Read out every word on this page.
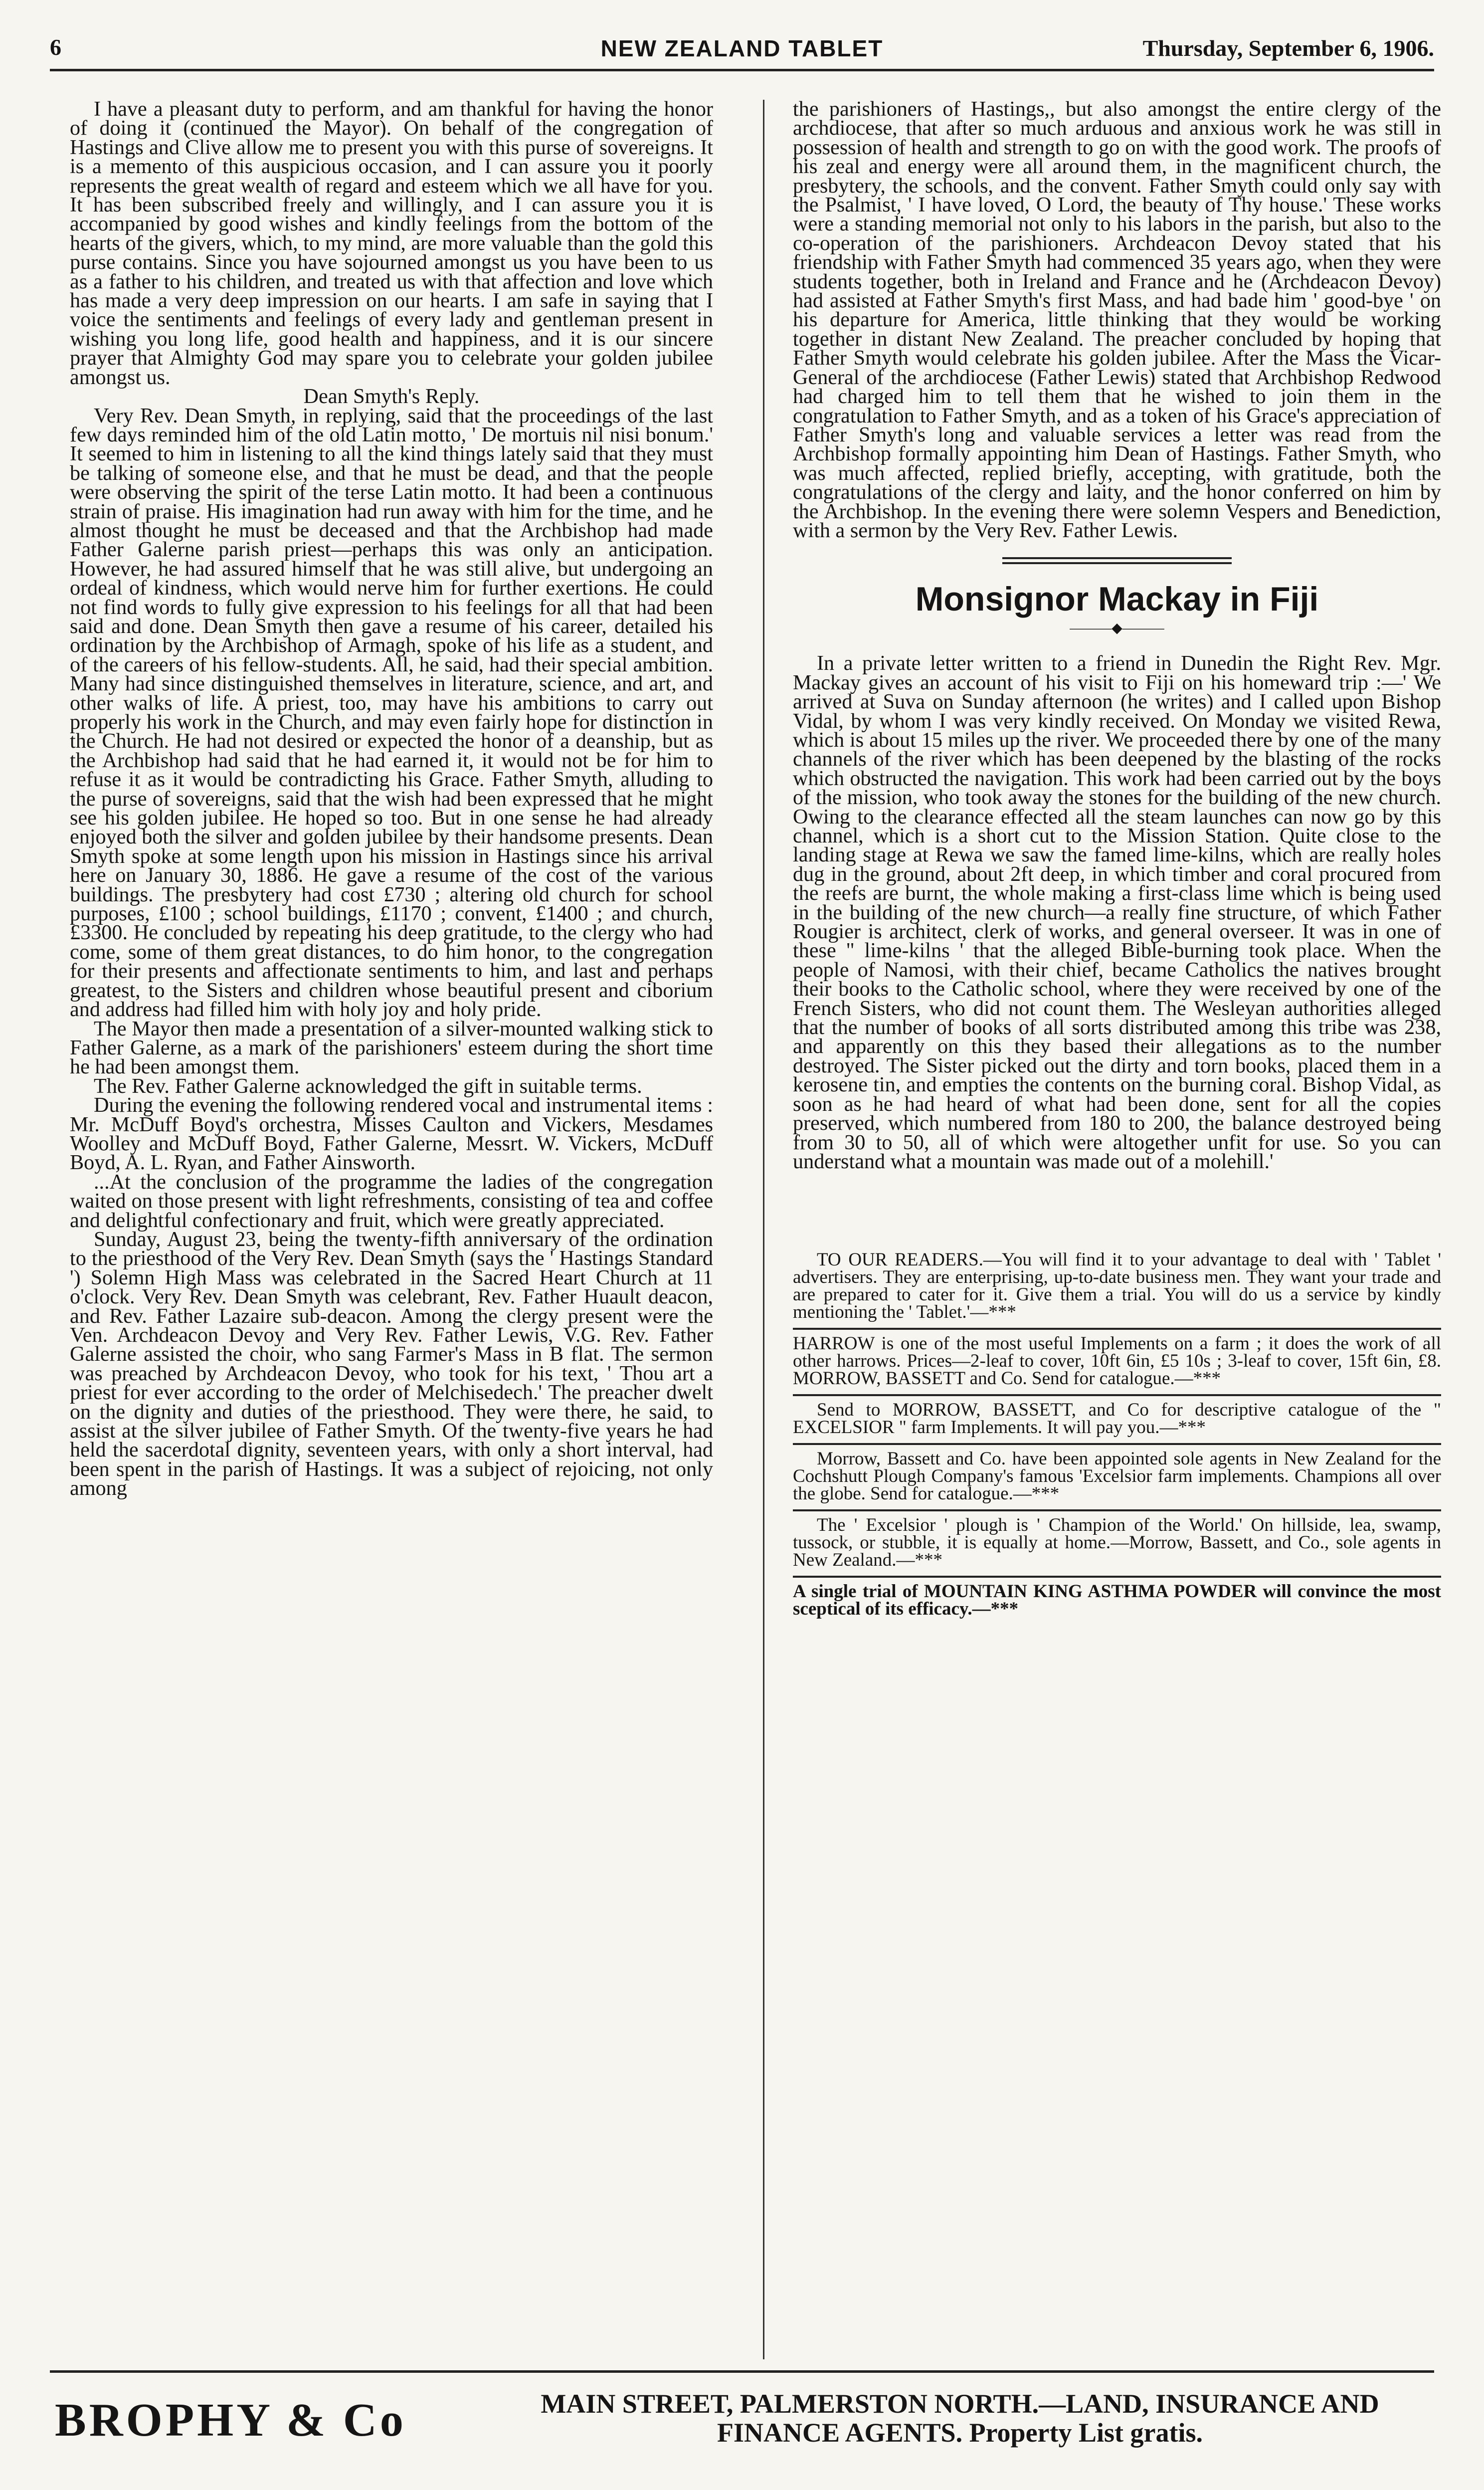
6	NEW ZEALAND TABLET	Thursday, September 6, 1906.

I have a pleasant duty to perform, and am thankful for having the honor of doing it (continued the Mayor). On behalf of the congregation of Hastings and Clive allow me to present you with this purse of sovereigns. It is a memento of this auspicious occasion, and I can assure you it poorly represents the great wealth of regard and esteem which we all have for you. It has been subscribed freely and willingly, and I can assure you it is accompanied by good wishes and kindly feelings from the bottom of the hearts of the givers, which, to my mind, are more valuable than the gold this purse contains. Since you have sojourned amongst us you have been to us as a father to his children, and treated us with that affection and love which has made a very deep impression on our hearts. I am safe in saying that I voice the sentiments and feelings of every lady and gentleman present in wishing you long life, good health and happiness, and it is our sincere prayer that Almighty God may spare you to celebrate your golden jubilee amongst us.

Dean Smyth's Reply.

Very Rev. Dean Smyth, in replying, said that the proceedings of the last few days reminded him of the old Latin motto, ' De mortuis nil nisi bonum.' It seemed to him in listening to all the kind things lately said that they must be talking of someone else, and that he must be dead, and that the people were observing the spirit of the terse Latin motto. It had been a continuous strain of praise. His imagination had run away with him for the time, and he almost thought he must be deceased and that the Archbishop had made Father Galerne parish priest—perhaps this was only an anticipation. However, he had assured himself that he was still alive, but undergoing an ordeal of kindness, which would nerve him for further exertions. He could not find words to fully give expression to his feelings for all that had been said and done. Dean Smyth then gave a resume of his career, detailed his ordination by the Archbishop of Armagh, spoke of his life as a student, and of the careers of his fellow-students. All, he said, had their special ambition. Many had since distinguished themselves in literature, science, and art, and other walks of life. A priest, too, may have his ambitions to carry out properly his work in the Church, and may even fairly hope for distinction in the Church. He had not desired or expected the honor of a deanship, but as the Archbishop had said that he had earned it, it would not be for him to refuse it as it would be contradicting his Grace. Father Smyth, alluding to the purse of sovereigns, said that the wish had been expressed that he might see his golden jubilee. He hoped so too. But in one sense he had already enjoyed both the silver and golden jubilee by their handsome presents. Dean Smyth spoke at some length upon his mission in Hastings since his arrival here on January 30, 1886. He gave a resume of the cost of the various buildings. The presbytery had cost £730 ; altering old church for school purposes, £100 ; school buildings, £1170 ; convent, £1400 ; and church, £3300. He concluded by repeating his deep gratitude, to the clergy who had come, some of them great distances, to do him honor, to the congregation for their presents and affectionate sentiments to him, and last and perhaps greatest, to the Sisters and children whose beautiful present and ciborium and address had filled him with holy joy and holy pride.

The Mayor then made a presentation of a silver-mounted walking stick to Father Galerne, as a mark of the parishioners' esteem during the short time he had been amongst them.

The Rev. Father Galerne acknowledged the gift in suitable terms.

During the evening the following rendered vocal and instrumental items : Mr. McDuff Boyd's orchestra, Misses Caulton and Vickers, Mesdames Woolley and McDuff Boyd, Father Galerne, Messrt. W. Vickers, McDuff Boyd, A. L. Ryan, and Father Ainsworth.

...At the conclusion of the programme the ladies of the congregation waited on those present with light refreshments, consisting of tea and coffee and delightful confectionary and fruit, which were greatly appreciated.

Sunday, August 23, being the twenty-fifth anniversary of the ordination to the priesthood of the Very Rev. Dean Smyth (says the ' Hastings Standard ') Solemn High Mass was celebrated in the Sacred Heart Church at 11 o'clock. Very Rev. Dean Smyth was celebrant, Rev. Father Huault deacon, and Rev. Father Lazaire sub-deacon. Among the clergy present were the Ven. Archdeacon Devoy and Very Rev. Father Lewis, V.G. Rev. Father Galerne assisted the choir, who sang Farmer's Mass in B flat. The sermon was preached by Archdeacon Devoy, who took for his text, ' Thou art a priest for ever according to the order of Melchisedech.' The preacher dwelt on the dignity and duties of the priesthood. They were there, he said, to assist at the silver jubilee of Father Smyth. Of the twenty-five years he had held the sacerdotal dignity, seventeen years, with only a short interval, had been spent in the parish of Hastings. It was a subject of rejoicing, not only among

the parishioners of Hastings,, but also amongst the entire clergy of the archdiocese, that after so much arduous and anxious work he was still in possession of health and strength to go on with the good work. The proofs of his zeal and energy were all around them, in the magnificent church, the presbytery, the schools, and the convent. Father Smyth could only say with the Psalmist, ' I have loved, O Lord, the beauty of Thy house.' These works were a standing memorial not only to his labors in the parish, but also to the co-operation of the parishioners. Archdeacon Devoy stated that his friendship with Father Smyth had commenced 35 years ago, when they were students together, both in Ireland and France and he (Archdeacon Devoy) had assisted at Father Smyth's first Mass, and had bade him ' good-bye ' on his departure for America, little thinking that they would be working together in distant New Zealand. The preacher concluded by hoping that Father Smyth would celebrate his golden jubilee. After the Mass the Vicar-General of the archdiocese (Father Lewis) stated that Archbishop Redwood had charged him to tell them that he wished to join them in the congratulation to Father Smyth, and as a token of his Grace's appreciation of Father Smyth's long and valuable services a letter was read from the Archbishop formally appointing him Dean of Hastings. Father Smyth, who was much affected, replied briefly, accepting, with gratitude, both the congratulations of the clergy and laity, and the honor conferred on him by the Archbishop. In the evening there were solemn Vespers and Benediction, with a sermon by the Very Rev. Father Lewis.

Monsignor Mackay in Fiji
———◆———

In a private letter written to a friend in Dunedin the Right Rev. Mgr. Mackay gives an account of his visit to Fiji on his homeward trip :—' We arrived at Suva on Sunday afternoon (he writes) and I called upon Bishop Vidal, by whom I was very kindly received. On Monday we visited Rewa, which is about 15 miles up the river. We proceeded there by one of the many channels of the river which has been deepened by the blasting of the rocks which obstructed the navigation. This work had been carried out by the boys of the mission, who took away the stones for the building of the new church. Owing to the clearance effected all the steam launches can now go by this channel, which is a short cut to the Mission Station. Quite close to the landing stage at Rewa we saw the famed lime-kilns, which are really holes dug in the ground, about 2ft deep, in which timber and coral procured from the reefs are burnt, the whole making a first-class lime which is being used in the building of the new church—a really fine structure, of which Father Rougier is architect, clerk of works, and general overseer. It was in one of these " lime-kilns ' that the alleged Bible-burning took place. When the people of Namosi, with their chief, became Catholics the natives brought their books to the Catholic school, where they were received by one of the French Sisters, who did not count them. The Wesleyan authorities alleged that the number of books of all sorts distributed among this tribe was 238, and apparently on this they based their allegations as to the number destroyed. The Sister picked out the dirty and torn books, placed them in a kerosene tin, and empties the contents on the burning coral. Bishop Vidal, as soon as he had heard of what had been done, sent for all the copies preserved, which numbered from 180 to 200, the balance destroyed being from 30 to 50, all of which were altogether unfit for use. So you can understand what a mountain was made out of a molehill.'

TO OUR READERS.—You will find it to your advantage to deal with ' Tablet ' advertisers. They are enterprising, up-to-date business men. They want your trade and are prepared to cater for it. Give them a trial. You will do us a service by kindly mentioning the ' Tablet.'—***

HARROW is one of the most useful Implements on a farm ; it does the work of all other harrows. Prices—2-leaf to cover, 10ft 6in, £5 10s ; 3-leaf to cover, 15ft 6in, £8. MORROW, BASSETT and Co. Send for catalogue.—***

Send to MORROW, BASSETT, and Co for descriptive catalogue of the " EXCELSIOR " farm Implements. It will pay you.—***

Morrow, Bassett and Co. have been appointed sole agents in New Zealand for the Cochshutt Plough Company's famous 'Excelsior farm implements. Champions all over the globe. Send for catalogue.—***

The ' Excelsior ' plough is ' Champion of the World.' On hillside, lea, swamp, tussock, or stubble, it is equally at home.—Morrow, Bassett, and Co., sole agents in New Zealand.—***

A single trial of MOUNTAIN KING ASTHMA POWDER will convince the most sceptical of its efficacy.—***

BROPHY & Co	MAIN STREET, PALMERSTON NORTH.—LAND, INSURANCE AND FINANCE AGENTS. Property List gratis.
